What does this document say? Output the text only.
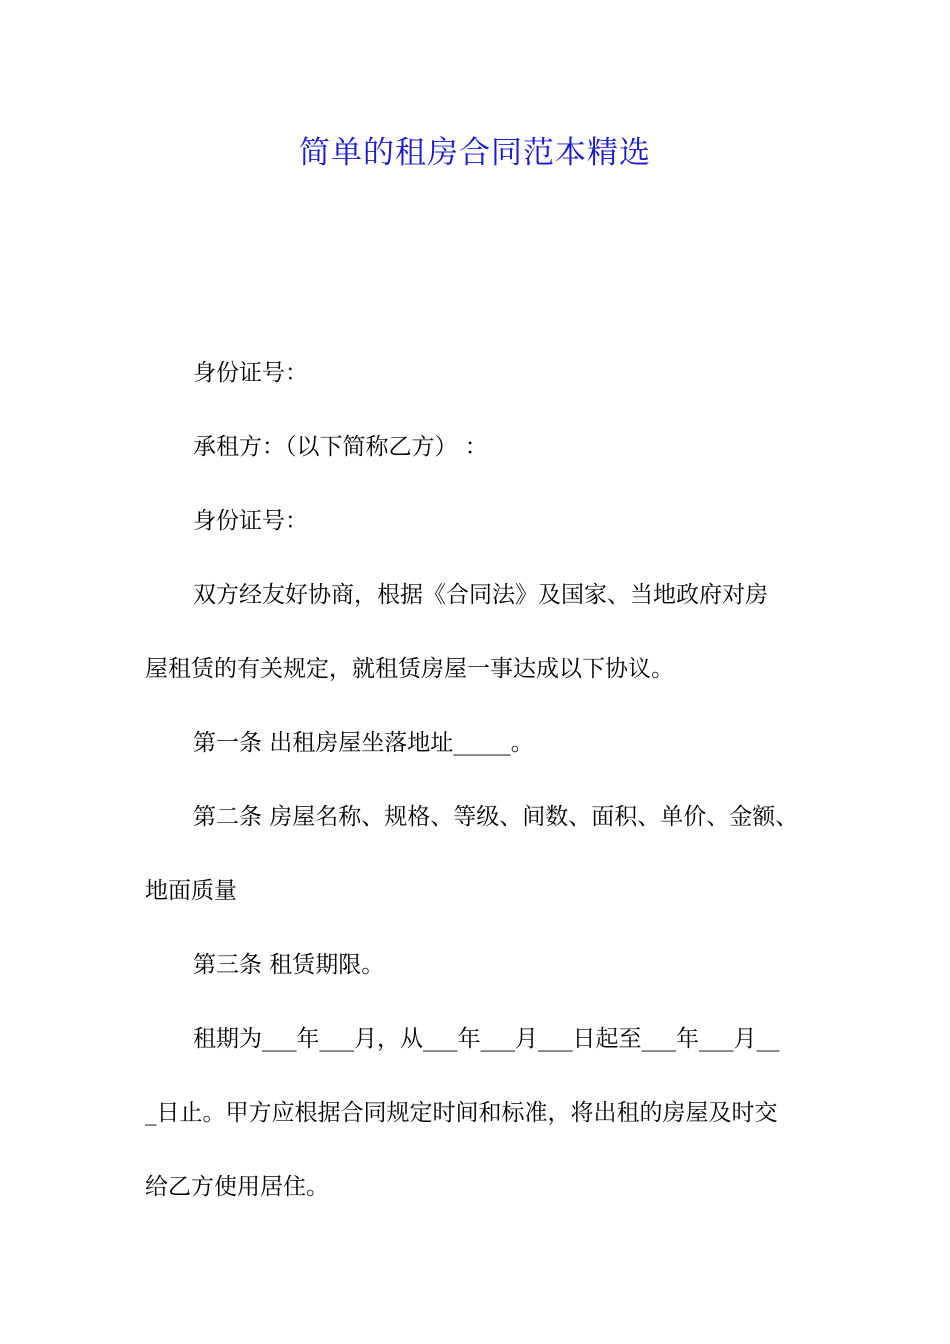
简单的租房合同范本精选
身份证号：
承租方：（以下简称乙方） ：
身份证号：
双方经友好协商，根据《合同法》及国家、当地政府对房
屋租赁的有关规定，就租赁房屋一事达成以下协议。
第一条 出租房屋坐落地址_____。
第二条 房屋名称、规格、等级、间数、面积、单价、金额、
地面质量
第三条 租赁期限。
租期为___年___月，从___年___月___日起至___年___月__
_日止。甲方应根据合同规定时间和标准，将出租的房屋及时交
给乙方使用居住。
